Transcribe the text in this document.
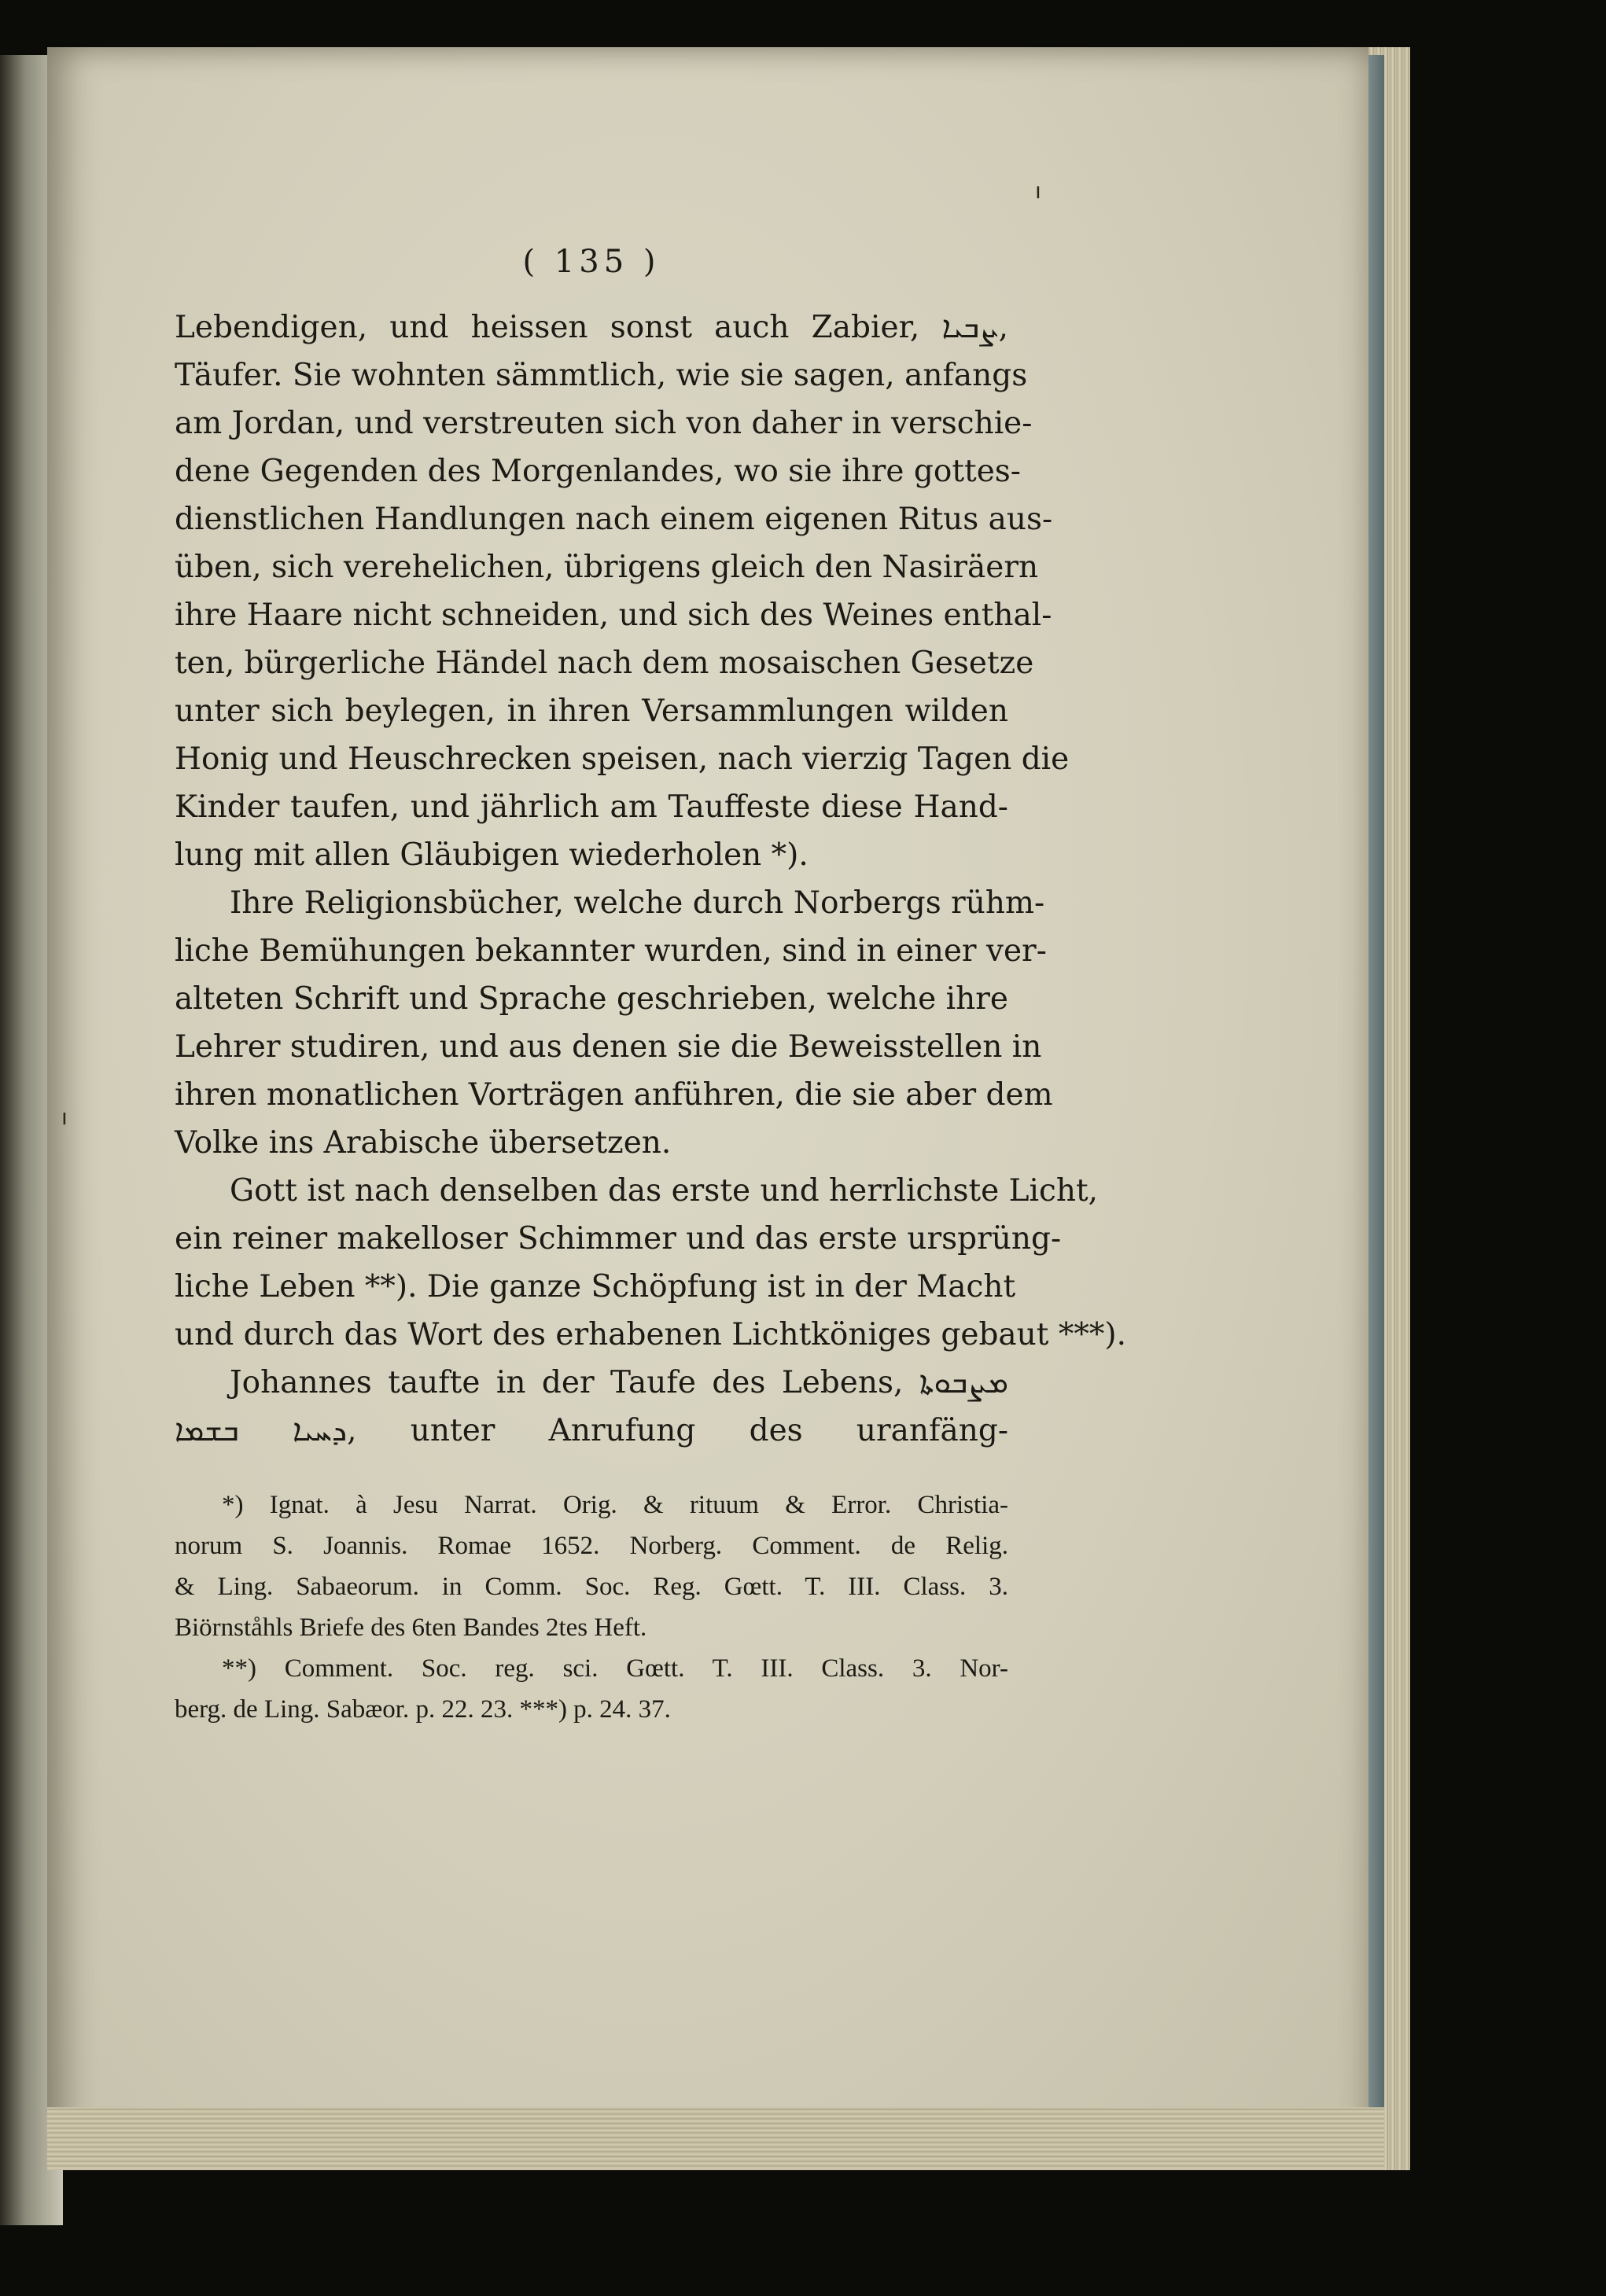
ı
ı
( 135 )

Lebendigen, und heissen sonst auch Zabier, ܨܒܝܐ,

Täufer. Sie wohnten sämmtlich, wie sie sagen, anfangs

am Jordan, und verstreuten sich von daher in verschie-

dene Gegenden des Morgenlandes, wo sie ihre gottes-

dienstlichen Handlungen nach einem eigenen Ritus aus-

üben, sich verehelichen, übrigens gleich den Nasiräern

ihre Haare nicht schneiden, und sich des Weines enthal-

ten, bürgerliche Händel nach dem mosaischen Gesetze

unter sich beylegen, in ihren Versammlungen wilden

Honig und Heuschrecken speisen, nach vierzig Tagen die

Kinder taufen, und jährlich am Tauffeste diese Hand-

lung mit allen Gläubigen wiederholen *).

Ihre Religionsbücher, welche durch Norbergs rühm-

liche Bemühungen bekannter wurden, sind in einer ver-

alteten Schrift und Sprache geschrieben, welche ihre

Lehrer studiren, und aus denen sie die Beweisstellen in

ihren monatlichen Vorträgen anführen, die sie aber dem

Volke ins Arabische übersetzen.

Gott ist nach denselben das erste und herrlichste Licht,

ein reiner makelloser Schimmer und das erste ursprüng-

liche Leben **). Die ganze Schöpfung ist in der Macht

und durch das Wort des erhabenen Lichtköniges gebaut ***).

Johannes taufte in der Taufe des Lebens, ܡܨܒܘܬܐ

ܕܚܝܐ ܒܫܡܐ, unter Anrufung des uranfäng-

*) Ignat. à Jesu Narrat. Orig. & rituum & Error. Christia-

norum S. Joannis. Romae 1652. Norberg. Comment. de Relig.

& Ling. Sabaeorum. in Comm. Soc. Reg. Gœtt. T. III. Class. 3.

Biörnståhls Briefe des 6ten Bandes 2tes Heft.

**) Comment. Soc. reg. sci. Gœtt. T. III. Class. 3. Nor-

berg. de Ling. Sabæor. p. 22. 23. ***) p. 24. 37.
